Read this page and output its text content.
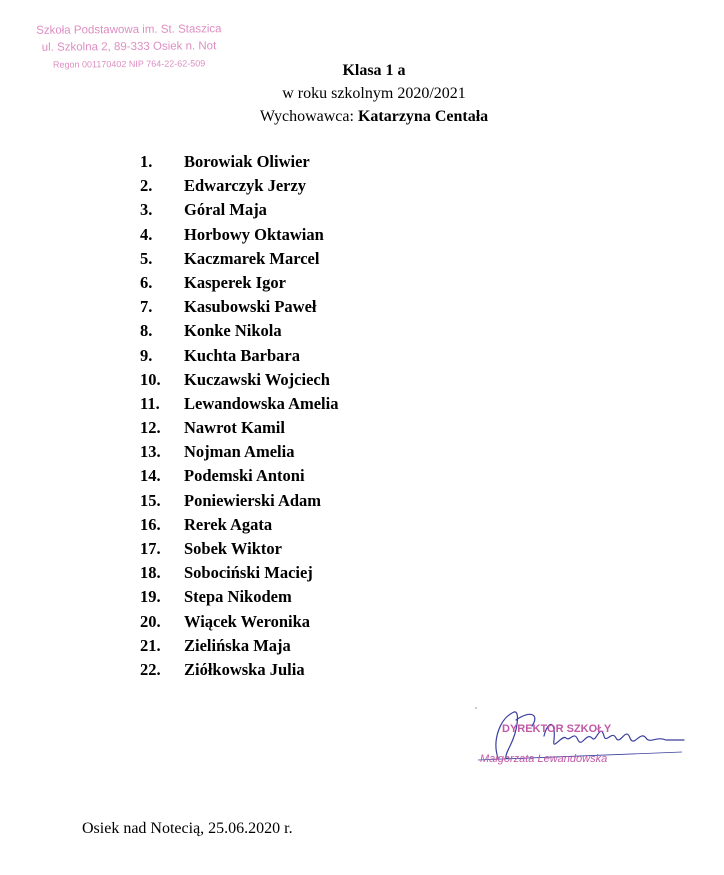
Szkoła Podstawowa im. St. Staszica
ul. Szkolna 2, 89-333 Osiek n. Not
Regon 001170402 NIP 764-22-62-509	Klasa 1 a
w roku szkolnym 2020/2021
Wychowawca: Katarzyna Centała
1. Borowiak Oliwier
2. Edwarczyk Jerzy
3. Góral Maja
4. Horbowy Oktawian
5. Kaczmarek Marcel
6. Kasperek Igor
7. Kasubowski Paweł
8. Konke Nikola
9. Kuchta Barbara
10. Kuczawski Wojciech
11. Lewandowska Amelia
12. Nawrot Kamil
13. Nojman Amelia
14. Podemski Antoni
15. Poniewierski Adam
16. Rerek Agata
17. Sobek Wiktor
18. Sobociński Maciej
19. Stepa Nikodem
20. Wiącek Weronika
21. Zielińska Maja
22. Ziółkowska Julia
DYREKTOR SZKOŁY
Małgorzata Lewandowska
Osiek nad Notecią, 25.06.2020 r.
